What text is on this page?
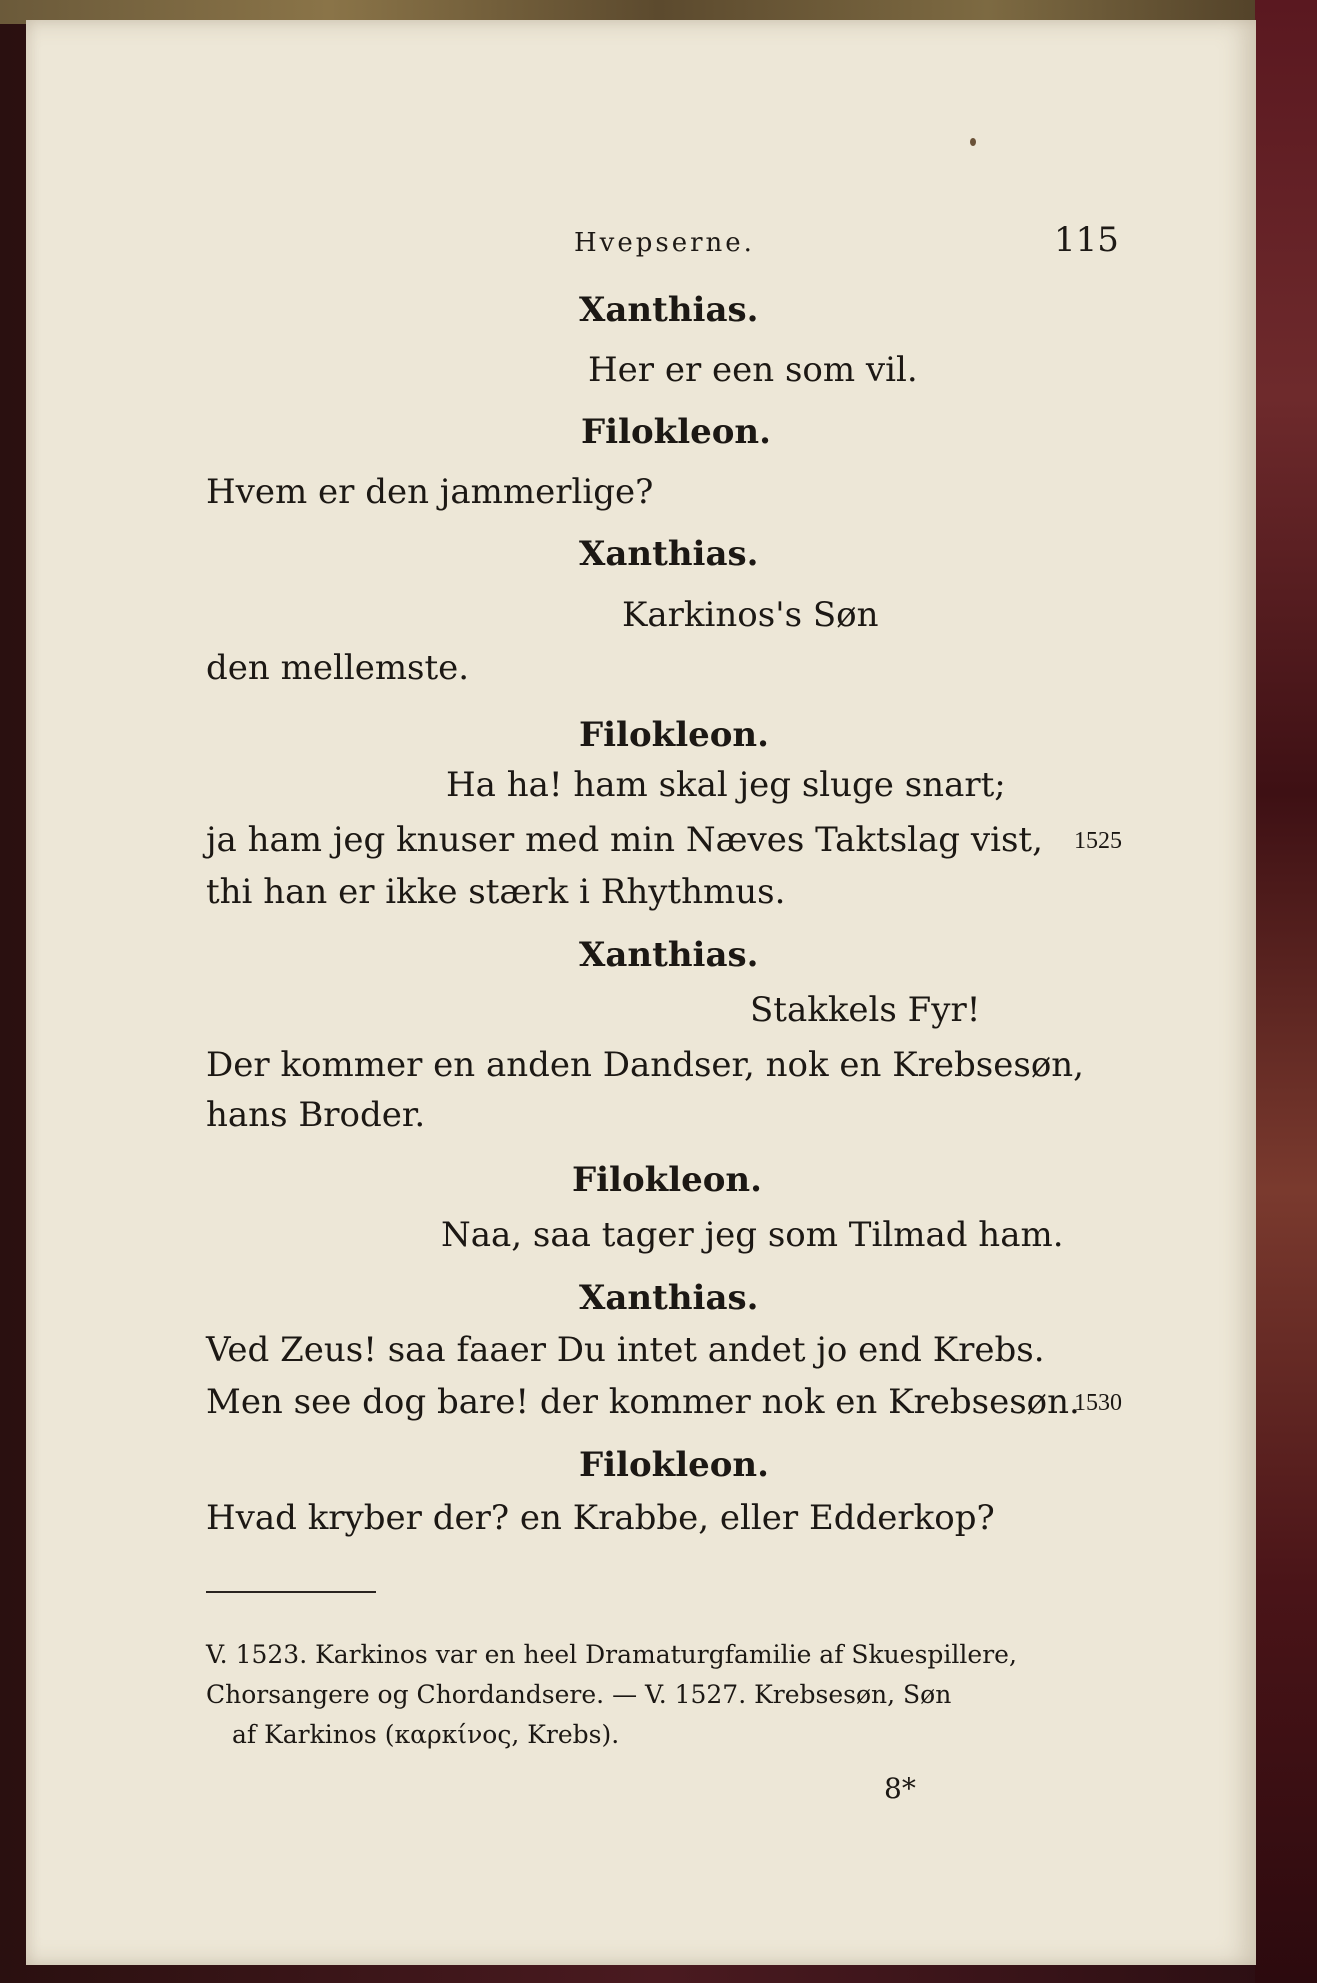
Hvepserne.	115
Xanthias.
Her er een som vil.
Filokleon.
Hvem er den jammerlige?
Xanthias.
Karkinos's Søn
den mellemste.
Filokleon.
Ha ha! ham skal jeg sluge snart;
ja ham jeg knuser med min Næves Taktslag vist, 1525
thi han er ikke stærk i Rhythmus.
Xanthias.
Stakkels Fyr!
Der kommer en anden Dandser, nok en Krebsesøn,
hans Broder.
Filokleon.
Naa, saa tager jeg som Tilmad ham.
Xanthias.
Ved Zeus! saa faaer Du intet andet jo end Krebs.
Men see dog bare! der kommer nok en Krebsesøn.
1530
Filokleon.
Hvad kryber der? en Krabbe, eller Edderkop?
V. 1523. Karkinos var en heel Dramaturgfamilie af Skuespillere,
Chorsangere og Chordandsere. — V. 1527. Krebsesøn, Søn
af Karkinos (καρκίνος, Krebs).
8*
